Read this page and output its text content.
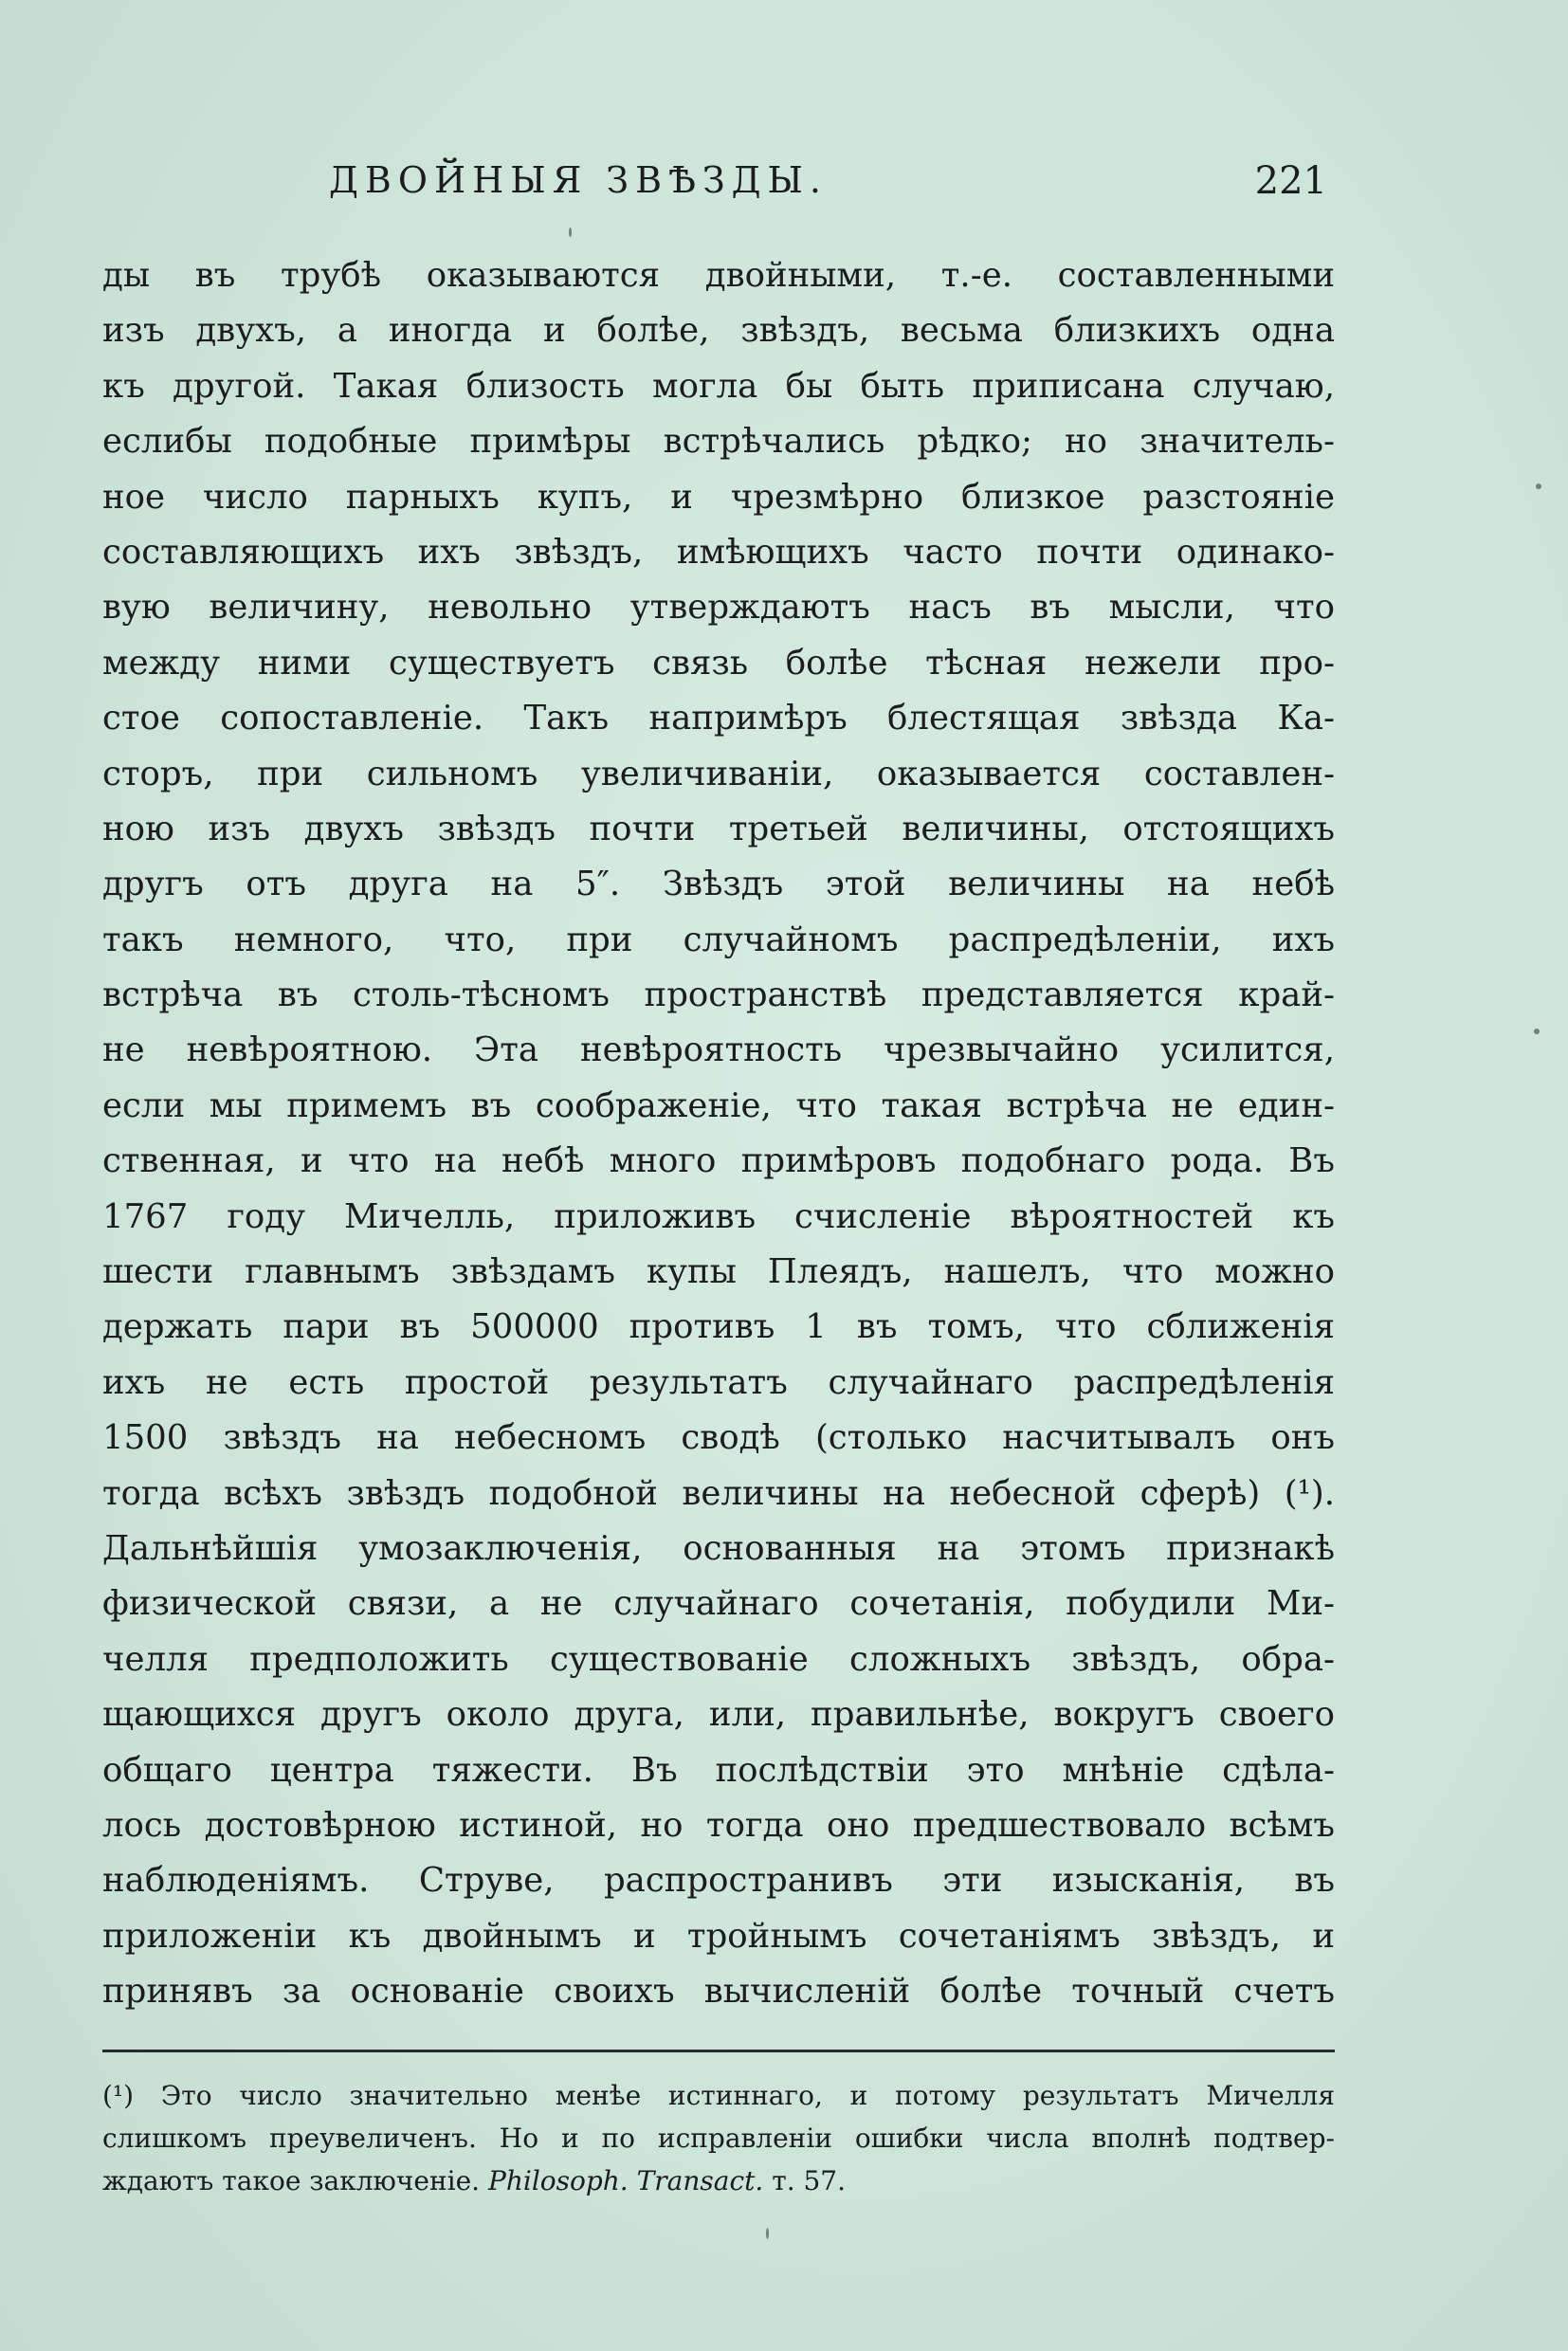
ДВОЙНЫЯ ЗВѢЗДЫ.	221
ды въ трубѣ оказываются двойными, т.-е. составленными
изъ двухъ, а иногда и болѣе, звѣздъ, весьма близкихъ одна
къ другой. Такая близость могла бы быть приписана случаю,
еслибы подобные примѣры встрѣчались рѣдко; но значитель-
ное число парныхъ купъ, и чрезмѣрно близкое разстояніе
составляющихъ ихъ звѣздъ, имѣющихъ часто почти одинако-
вую величину, невольно утверждаютъ насъ въ мысли, что
между ними существуетъ связь болѣе тѣсная нежели про-
стое сопоставленіе. Такъ напримѣръ блестящая звѣзда Ка-
сторъ, при сильномъ увеличиваніи, оказывается составлен-
ною изъ двухъ звѣздъ почти третьей величины, отстоящихъ
другъ отъ друга на 5″. Звѣздъ этой величины на небѣ
такъ немного, что, при случайномъ распредѣленіи, ихъ
встрѣча въ столь-тѣсномъ пространствѣ представляется край-
не невѣроятною. Эта невѣроятность чрезвычайно усилится,
если мы примемъ въ соображеніе, что такая встрѣча не един-
ственная, и что на небѣ много примѣровъ подобнаго рода. Въ
1767 году Мичелль, приложивъ счисленіе вѣроятностей къ
шести главнымъ звѣздамъ купы Плеядъ, нашелъ, что можно
держать пари въ 500000 противъ 1 въ томъ, что сближенія
ихъ не есть простой результатъ случайнаго распредѣленія
1500 звѣздъ на небесномъ сводѣ (столько насчитывалъ онъ
тогда всѣхъ звѣздъ подобной величины на небесной сферѣ) (¹).
Дальнѣйшія умозаключенія, основанныя на этомъ признакѣ
физической связи, а не случайнаго сочетанія, побудили Ми-
челля предположить существованіе сложныхъ звѣздъ, обра-
щающихся другъ около друга, или, правильнѣе, вокругъ своего
общаго центра тяжести. Въ послѣдствіи это мнѣніе сдѣла-
лось достовѣрною истиной, но тогда оно предшествовало всѣмъ
наблюденіямъ. Струве, распространивъ эти изысканія, въ
приложеніи къ двойнымъ и тройнымъ сочетаніямъ звѣздъ, и
принявъ за основаніе своихъ вычисленій болѣе точный счетъ
(¹) Это число значительно менѣе истиннаго, и потому результатъ Мичелля
слишкомъ преувеличенъ. Но и по исправленіи ошибки числа вполнѣ подтвер-
ждаютъ такое заключеніе. Philosoph. Transact. т. 57.
